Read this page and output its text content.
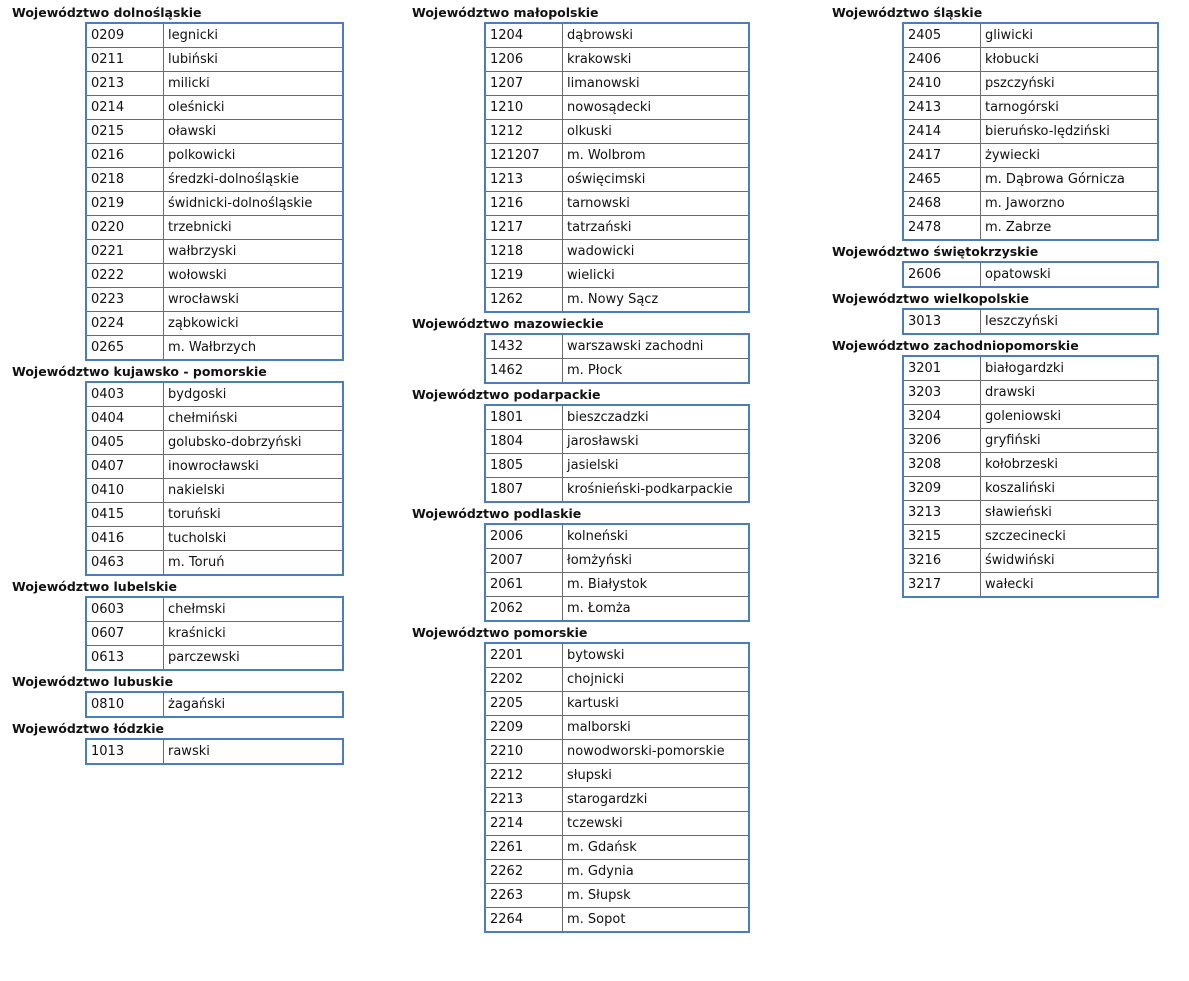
Województwo dolnośląskie
0209	legnicki
0211	lubiński
0213	milicki
0214	oleśnicki
0215	oławski
0216	polkowicki
0218	średzki-dolnośląskie
0219	świdnicki-dolnośląskie
0220	trzebnicki
0221	wałbrzyski
0222	wołowski
0223	wrocławski
0224	ząbkowicki
0265	m. Wałbrzych
Województwo kujawsko - pomorskie
0403	bydgoski
0404	chełmiński
0405	golubsko-dobrzyński
0407	inowrocławski
0410	nakielski
0415	toruński
0416	tucholski
0463	m. Toruń
Województwo lubelskie
0603	chełmski
0607	kraśnicki
0613	parczewski
Województwo lubuskie
0810	żagański
Województwo łódzkie
1013	rawski
Województwo małopolskie
1204	dąbrowski
1206	krakowski
1207	limanowski
1210	nowosądecki
1212	olkuski
121207	m. Wolbrom
1213	oświęcimski
1216	tarnowski
1217	tatrzański
1218	wadowicki
1219	wielicki
1262	m. Nowy Sącz
Województwo mazowieckie
1432	warszawski zachodni
1462	m. Płock
Województwo podarpackie
1801	bieszczadzki
1804	jarosławski
1805	jasielski
1807	krośnieński-podkarpackie
Województwo podlaskie
2006	kolneński
2007	łomżyński
2061	m. Białystok
2062	m. Łomża
Województwo pomorskie
2201	bytowski
2202	chojnicki
2205	kartuski
2209	malborski
2210	nowodworski-pomorskie
2212	słupski
2213	starogardzki
2214	tczewski
2261	m. Gdańsk
2262	m. Gdynia
2263	m. Słupsk
2264	m. Sopot
Województwo śląskie
2405	gliwicki
2406	kłobucki
2410	pszczyński
2413	tarnogórski
2414	bieruńsko-lędziński
2417	żywiecki
2465	m. Dąbrowa Górnicza
2468	m. Jaworzno
2478	m. Zabrze
Województwo świętokrzyskie
2606	opatowski
Województwo wielkopolskie
3013	leszczyński
Województwo zachodniopomorskie
3201	białogardzki
3203	drawski
3204	goleniowski
3206	gryfiński
3208	kołobrzeski
3209	koszaliński
3213	sławieński
3215	szczecinecki
3216	świdwiński
3217	wałecki
